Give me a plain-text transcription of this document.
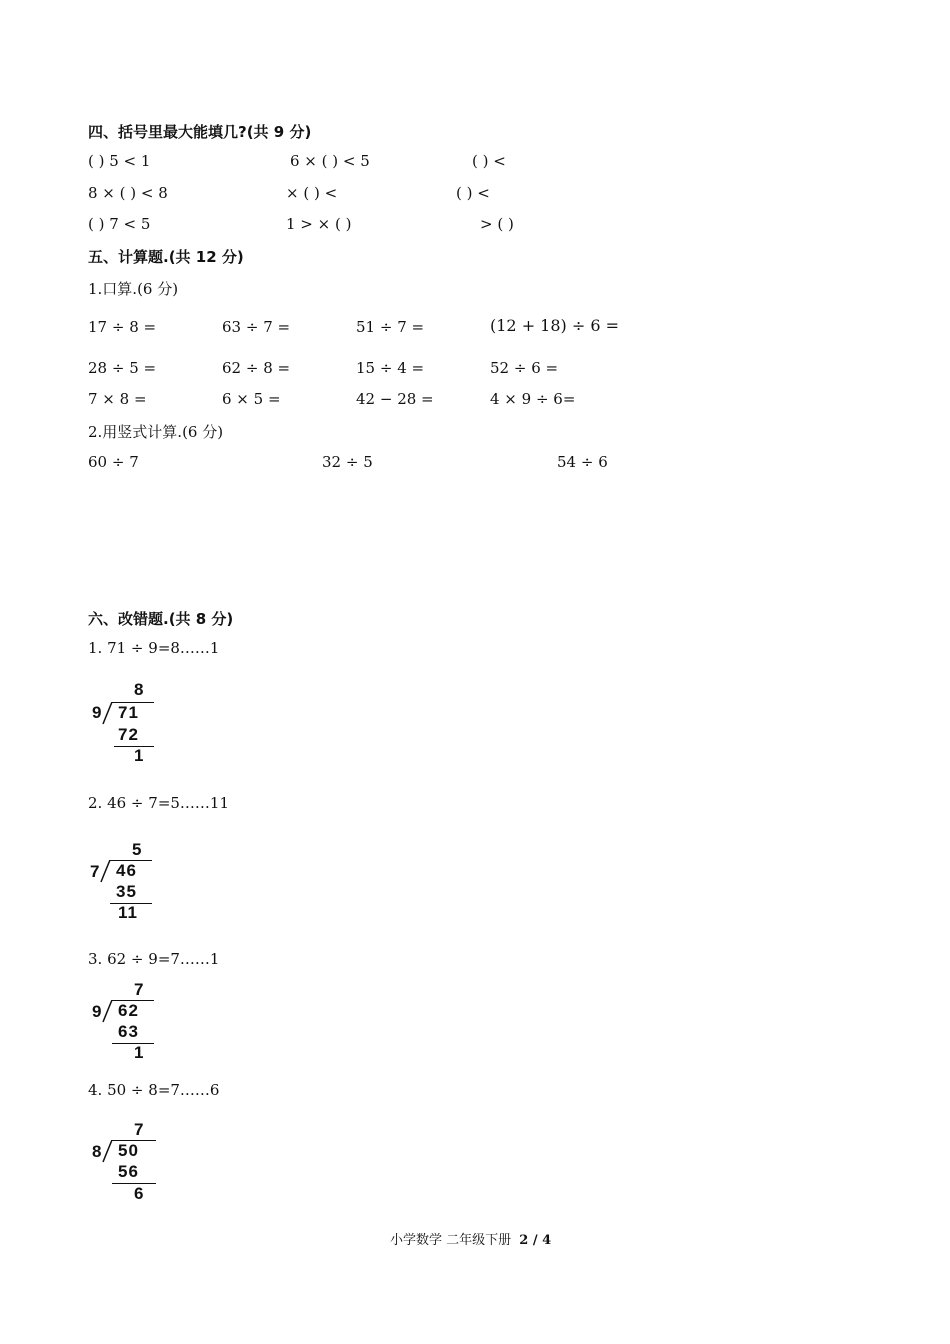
四、括号里最大能填几?(共 9 分)
( ) 5 < 1	6 × ( ) < 5	( ) <
8 × ( ) < 8	× ( ) <	( ) <
( ) 7 < 5	1 > × ( )	> ( )
五、计算题.(共 12 分)
1.口算.(6 分)
17 ÷ 8 =	63 ÷ 7 =	51 ÷ 7 =	(12 + 18) ÷ 6 =
28 ÷ 5 =	62 ÷ 8 =	15 ÷ 4 =	52 ÷ 6 =
7 × 8 =	6 × 5 =	42 − 28 =	4 × 9 ÷ 6=
2.用竖式计算.(6 分)
60 ÷ 7	32 ÷ 5	54 ÷ 6
六、改错题.(共 8 分)
1. 71 ÷ 9=8……1
8
9 71
72
1
2. 46 ÷ 7=5……11
5
7 46
35
11
3. 62 ÷ 9=7……1
7
9 62
63
1
4. 50 ÷ 8=7……6
7
8 50
56
6
小学数学 二年级下册 2 / 4
